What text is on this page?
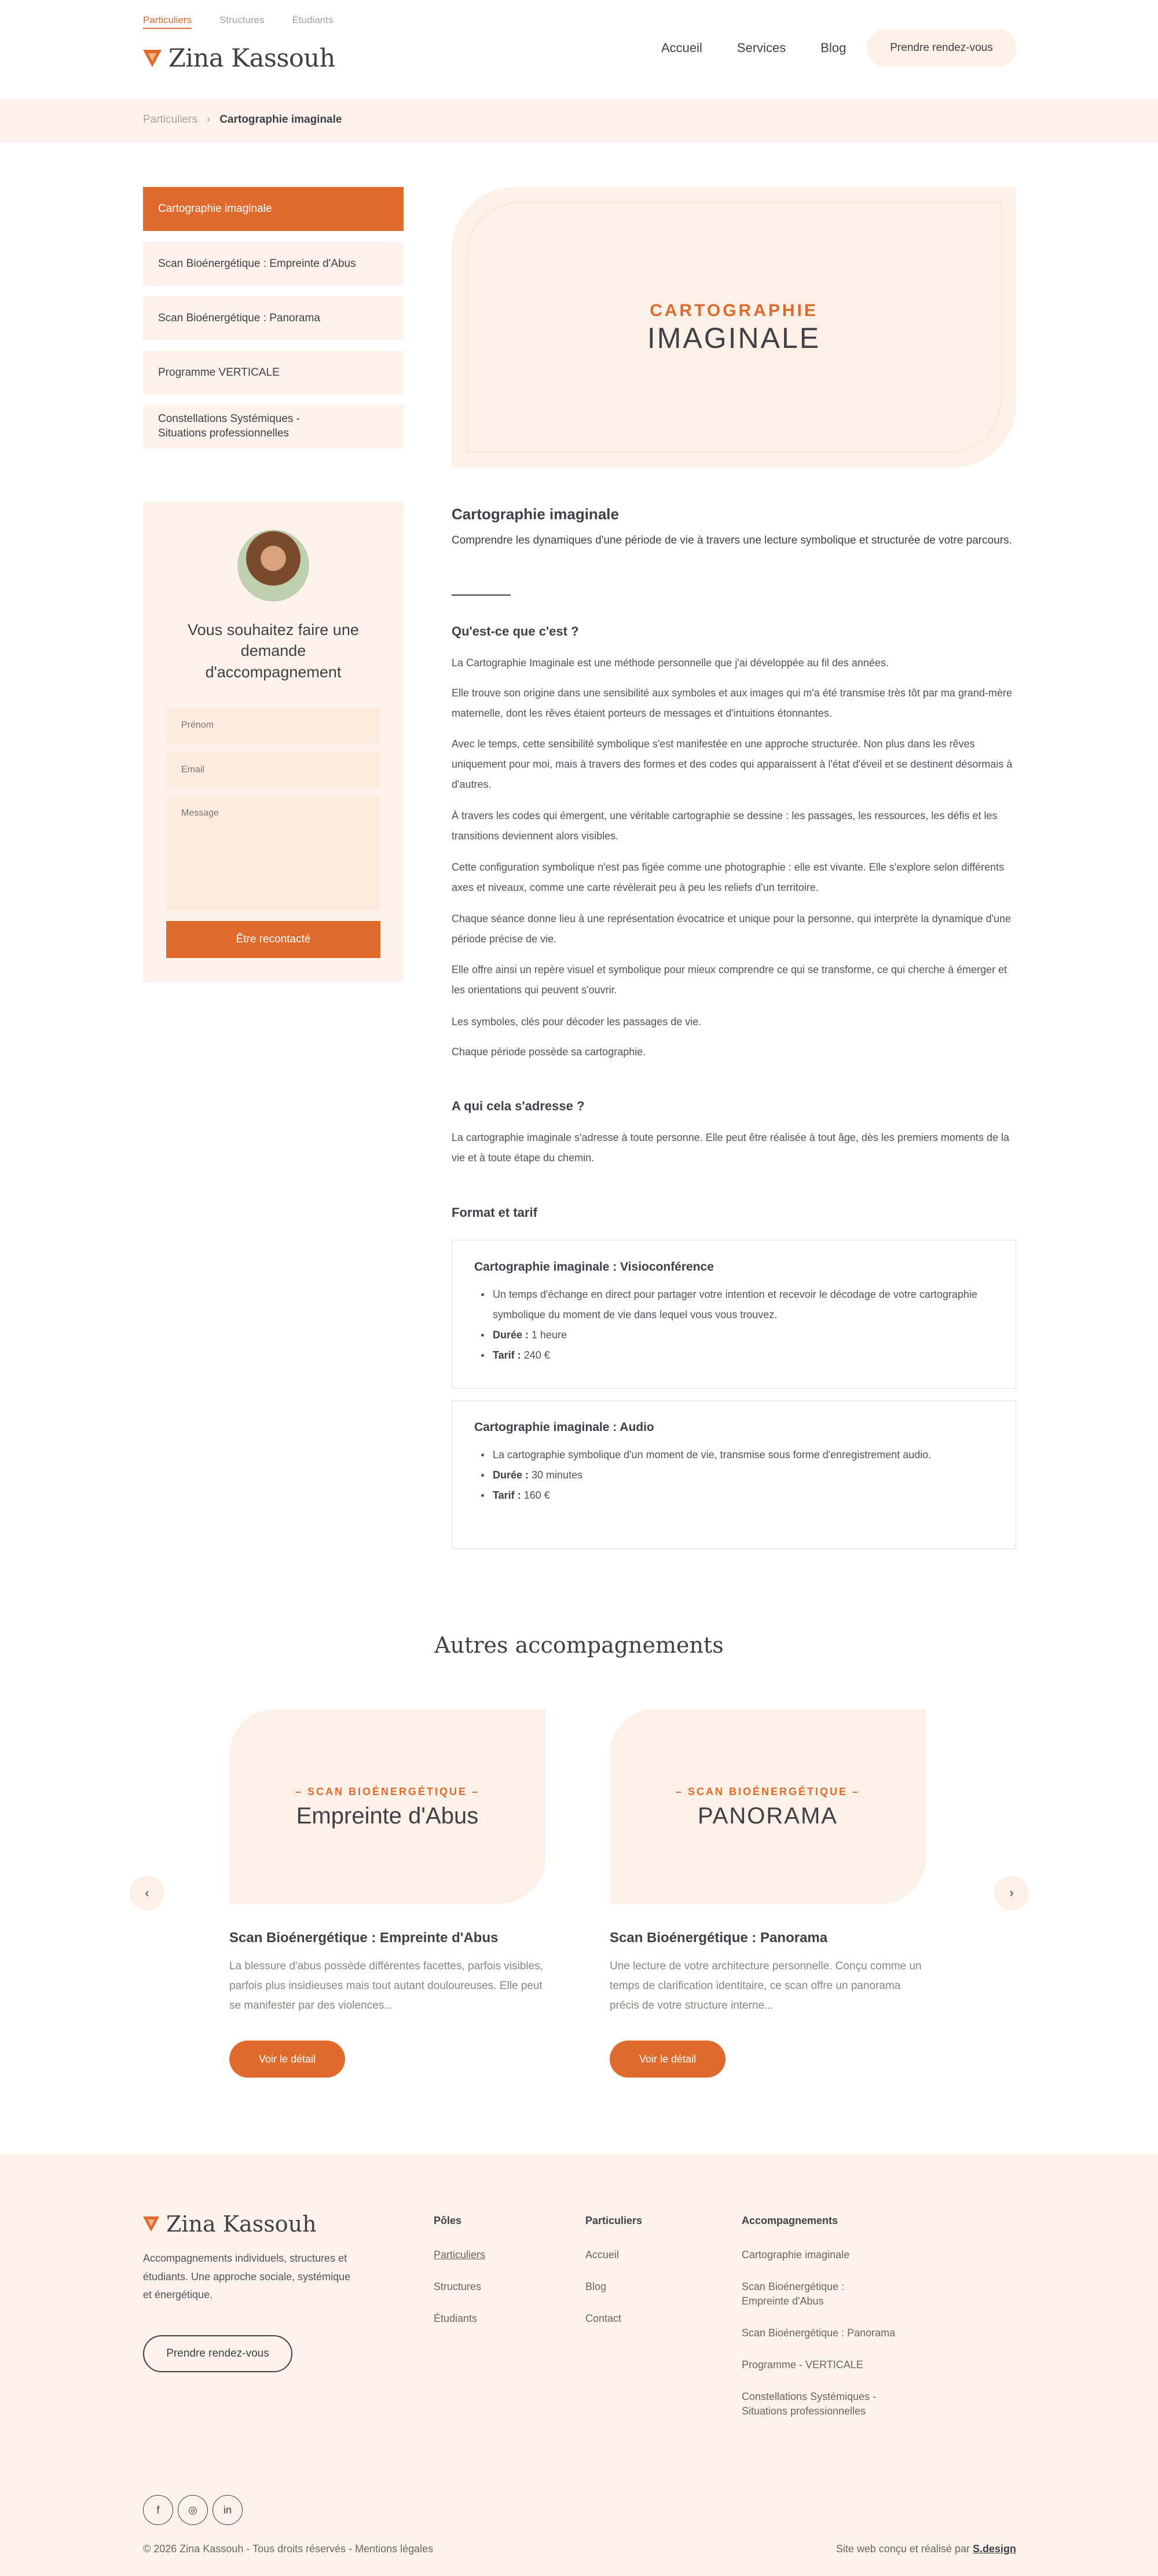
Particuliers	Structures	Étudiants
Zina Kassouh	Accueil	Services	Blog	Prendre rendez-vous
Particuliers › Cartographie imaginale
Cartographie imaginale
Scan Bioénergétique : Empreinte d'Abus
Scan Bioénergétique : Panorama
Programme VERTICALE
Constellations Systémiques - Situations professionnelles
CARTOGRAPHIE
IMAGINALE
Vous souhaitez faire une demande d'accompagnement
Prénom
Email
Message
Être recontacté
Cartographie imaginale
Comprendre les dynamiques d'une période de vie à travers une lecture symbolique et structurée de votre parcours.
Qu'est-ce que c'est ?
La Cartographie Imaginale est une méthode personnelle que j'ai développée au fil des années.
Elle trouve son origine dans une sensibilité aux symboles et aux images qui m'a été transmise très tôt par ma grand-mère maternelle, dont les rêves étaient porteurs de messages et d'intuitions étonnantes.
Avec le temps, cette sensibilité symbolique s'est manifestée en une approche structurée. Non plus dans les rêves uniquement pour moi, mais à travers des formes et des codes qui apparaissent à l'état d'éveil et se destinent désormais à d'autres.
À travers les codes qui émergent, une véritable cartographie se dessine : les passages, les ressources, les défis et les transitions deviennent alors visibles.
Cette configuration symbolique n'est pas figée comme une photographie : elle est vivante. Elle s'explore selon différents axes et niveaux, comme une carte révèlerait peu à peu les reliefs d'un territoire.
Chaque séance donne lieu à une représentation évocatrice et unique pour la personne, qui interprète la dynamique d'une période précise de vie.
Elle offre ainsi un repère visuel et symbolique pour mieux comprendre ce qui se transforme, ce qui cherche à émerger et les orientations qui peuvent s'ouvrir.
Les symboles, clés pour décoder les passages de vie.
Chaque période possède sa cartographie.
A qui cela s'adresse ?
La cartographie imaginale s'adresse à toute personne. Elle peut être réalisée à tout âge, dès les premiers moments de la vie et à toute étape du chemin.
Format et tarif
Cartographie imaginale : Visioconférence
Un temps d'échange en direct pour partager votre intention et recevoir le décodage de votre cartographie symbolique du moment de vie dans lequel vous vous trouvez.
Durée : 1 heure
Tarif : 240 €
Cartographie imaginale : Audio
La cartographie symbolique d'un moment de vie, transmise sous forme d'enregistrement audio.
Durée : 30 minutes
Tarif : 160 €
Autres accompagnements
‹	›
– SCAN BIOÉNERGÉTIQUE –
Empreinte d'Abus
Scan Bioénergétique : Empreinte d'Abus
La blessure d'abus possède différentes facettes, parfois visibles, parfois plus insidieuses mais tout autant douloureuses. Elle peut se manifester par des violences...
Voir le détail
– SCAN BIOÉNERGÉTIQUE –
PANORAMA
Scan Bioénergétique : Panorama
Une lecture de votre architecture personnelle. Conçu comme un temps de clarification identitaire, ce scan offre un panorama précis de votre structure interne...
Voir le détail
Zina Kassouh
Accompagnements individuels, structures et étudiants. Une approche sociale, systémique et énergétique.
Prendre rendez-vous
Pôles
Particuliers
Structures
Étudiants
Particuliers
Accueil
Blog
Contact
Accompagnements
Cartographie imaginale
Scan Bioénergétique : Empreinte d'Abus
Scan Bioénergétique : Panorama
Programme - VERTICALE
Constellations Systémiques - Situations professionnelles
f	◎	in
© 2026 Zina Kassouh - Tous droits réservés - Mentions légales	Site web conçu et réalisé par S.design
